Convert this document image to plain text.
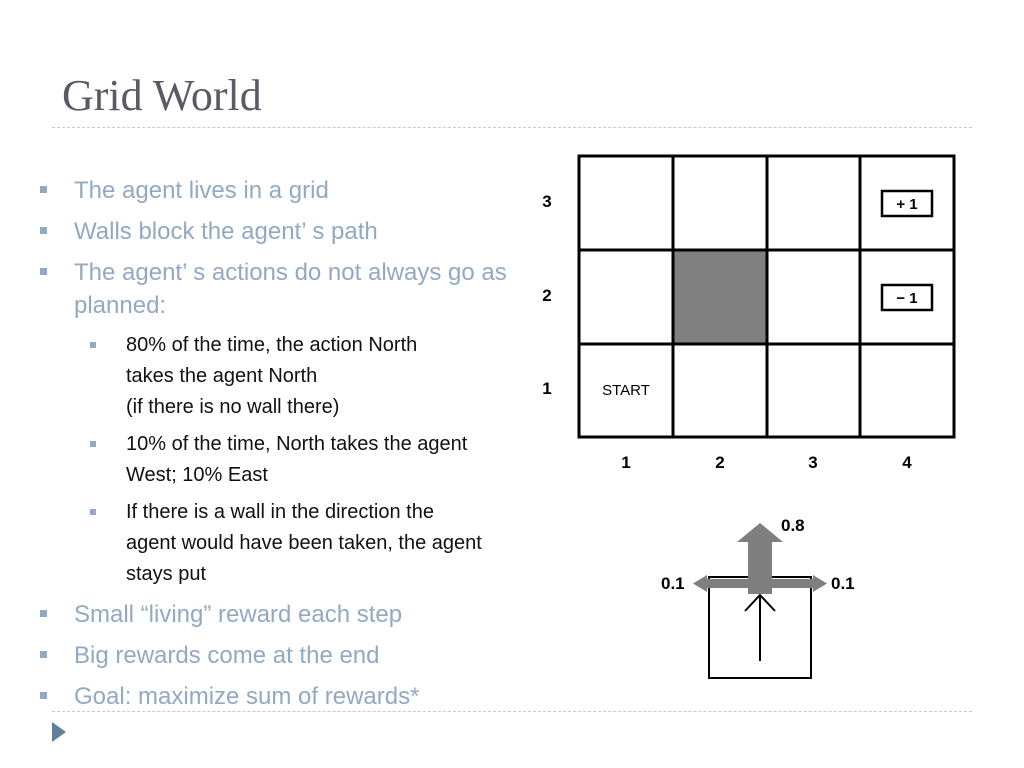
Grid World
The agent lives in a grid
Walls block the agent’ s path
The agent’ s actions do not always go as planned:
80% of the time, the action North
takes the agent North
(if there is no wall there)
10% of the time, North takes the agent
West; 10% East
If there is a wall in the direction the
agent would have been taken, the agent
stays put
Small “living” reward each step
Big rewards come at the end
Goal: maximize sum of rewards*
3
2
1
1	2	3	4
START
+ 1
− 1
0.8
0.1	0.1
